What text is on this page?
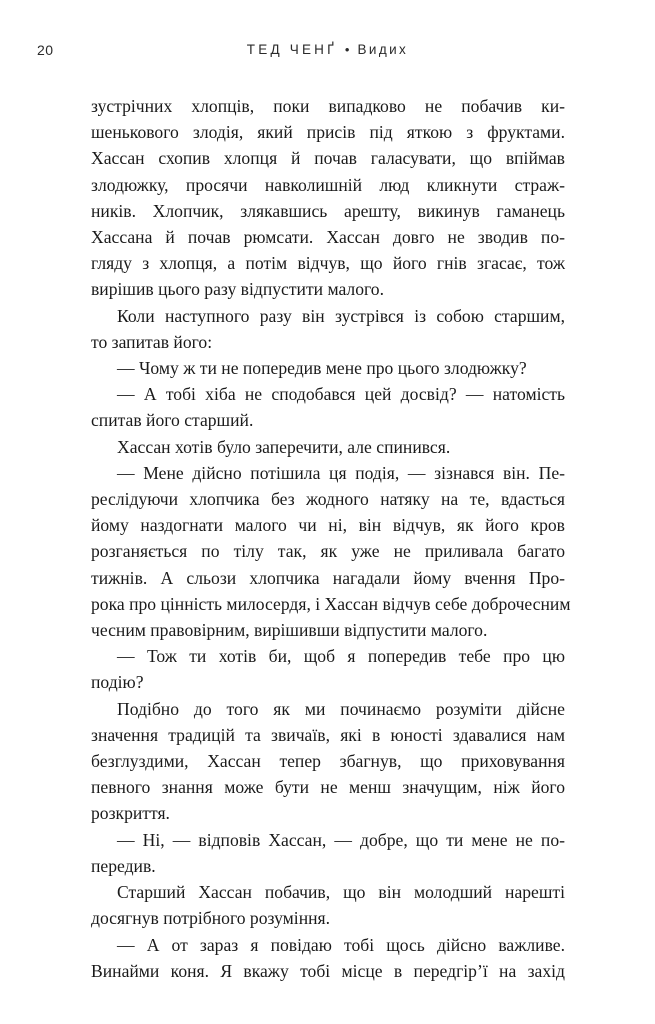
20	ТЕД ЧЕНҐ • Видих

зустрічних хлопців, поки випадково не побачив ки-
шенькового злодія, який присів під яткою з фруктами.
Хассан схопив хлопця й почав галасувати, що впіймав
злодюжку, просячи навколишній люд кликнути страж-
ників. Хлопчик, злякавшись арешту, викинув гаманець
Хассана й почав рюмсати. Хассан довго не зводив по-
гляду з хлопця, а потім відчув, що його гнів згасає, тож
вирішив цього разу відпустити малого.

Коли наступного разу він зустрівся із собою старшим,
то запитав його:

— Чому ж ти не попередив мене про цього злодюжку?

— А тобі хіба не сподобався цей досвід? — натомість
спитав його старший.

Хассан хотів було заперечити, але спинився.

— Мене дійсно потішила ця подія, — зізнався він. Пе-
реслідуючи хлопчика без жодного натяку на те, вдасться
йому наздогнати малого чи ні, він відчув, як його кров
розганяється по тілу так, як уже не приливала багато
тижнів. А сльози хлопчика нагадали йому вчення Про-
рока про цінність милосердя, і Хассан відчув себе доброчесним
чесним правовірним, вирішивши відпустити малого.

— Тож ти хотів би, щоб я попередив тебе про цю
подію?

Подібно до того як ми починаємо розуміти дійсне
значення традицій та звичаїв, які в юності здавалися нам
безглуздими, Хассан тепер збагнув, що приховування
певного знання може бути не менш значущим, ніж його
розкриття.

— Ні, — відповів Хассан, — добре, що ти мене не по-
передив.

Старший Хассан побачив, що він молодший нарешті
досягнув потрібного розуміння.

— А от зараз я повідаю тобі щось дійсно важливе.
Винайми коня. Я вкажу тобі місце в передгір’ї на захід
